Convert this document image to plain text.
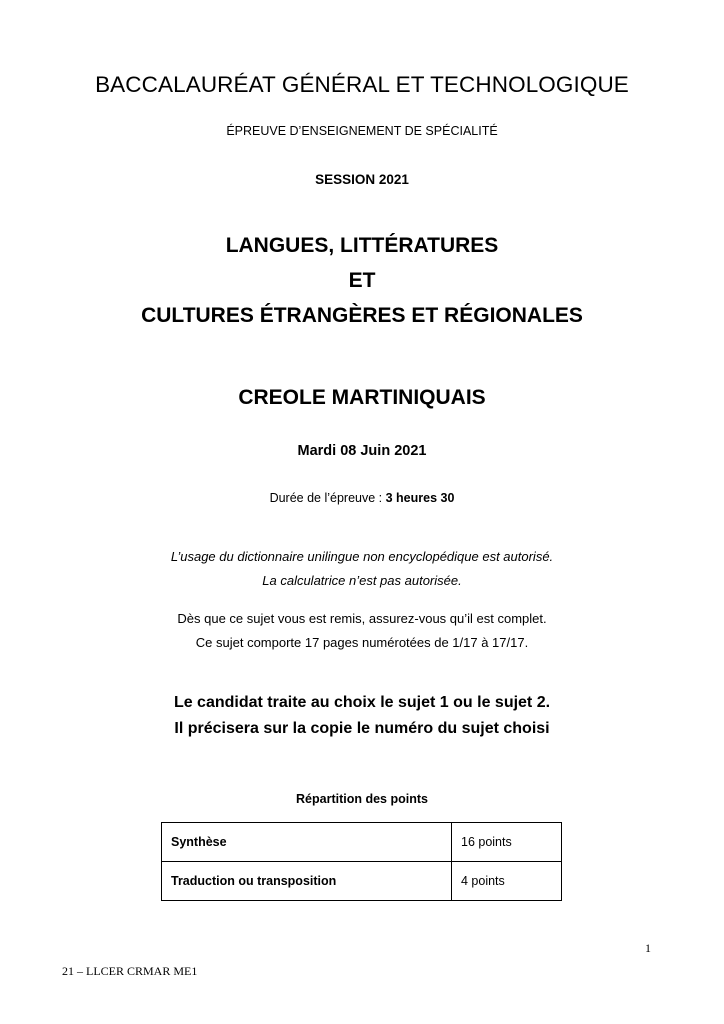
BACCALAURÉAT GÉNÉRAL ET TECHNOLOGIQUE
ÉPREUVE D’ENSEIGNEMENT DE SPÉCIALITÉ
SESSION 2021
LANGUES, LITTÉRATURES
ET
CULTURES ÉTRANGÈRES ET RÉGIONALES
CREOLE MARTINIQUAIS
Mardi 08 Juin 2021
Durée de l’épreuve : 3 heures 30
L’usage du dictionnaire unilingue non encyclopédique est autorisé.
La calculatrice n’est pas autorisée.
Dès que ce sujet vous est remis, assurez-vous qu’il est complet.
Ce sujet comporte 17 pages numérotées de 1/17 à 17/17.
Le candidat traite au choix le sujet 1 ou le sujet 2.
Il précisera sur la copie le numéro du sujet choisi
Répartition des points
Synthèse	16 points
Traduction ou transposition	4 points
1
21 – LLCER CRMAR ME1
